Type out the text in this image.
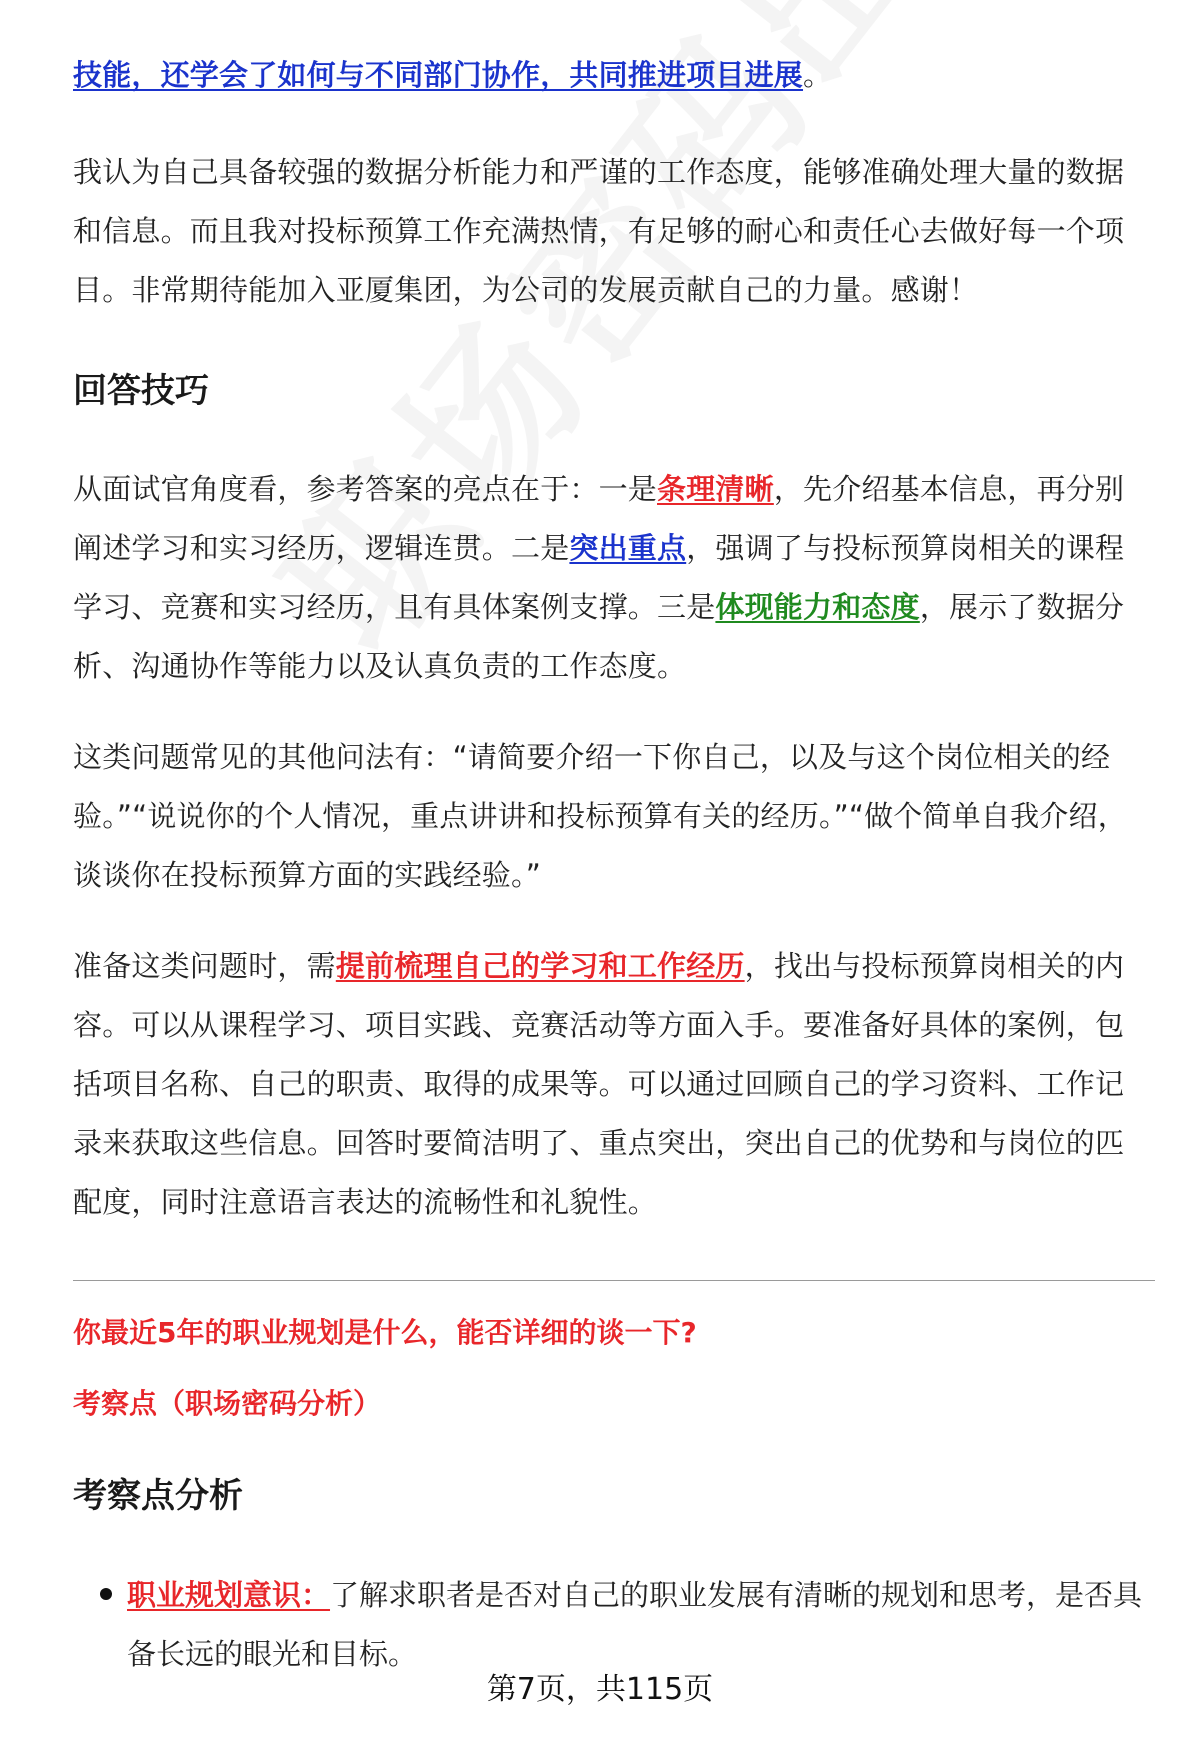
技能，还学会了如何与不同部门协作，共同推进项目进展。
我认为自己具备较强的数据分析能力和严谨的工作态度，能够准确处理大量的数据和信息。而且我对投标预算工作充满热情，有足够的耐心和责任心去做好每一个项目。非常期待能加入亚厦集团，为公司的发展贡献自己的力量。感谢！
回答技巧
从面试官角度看，参考答案的亮点在于：一是条理清晰，先介绍基本信息，再分别阐述学习和实习经历，逻辑连贯。二是突出重点，强调了与投标预算岗相关的课程学习、竞赛和实习经历，且有具体案例支撑。三是体现能力和态度，展示了数据分析、沟通协作等能力以及认真负责的工作态度。
这类问题常见的其他问法有：“请简要介绍一下你自己，以及与这个岗位相关的经验。”“说说你的个人情况，重点讲讲和投标预算有关的经历。”“做个简单自我介绍，谈谈你在投标预算方面的实践经验。”
准备这类问题时，需提前梳理自己的学习和工作经历，找出与投标预算岗相关的内容。可以从课程学习、项目实践、竞赛活动等方面入手。要准备好具体的案例，包括项目名称、自己的职责、取得的成果等。可以通过回顾自己的学习资料、工作记录来获取这些信息。回答时要简洁明了、重点突出，突出自己的优势和与岗位的匹配度，同时注意语言表达的流畅性和礼貌性。
你最近5年的职业规划是什么，能否详细的谈一下?
考察点（职场密码分析）
考察点分析
职业规划意识：了解求职者是否对自己的职业发展有清晰的规划和思考，是否具备长远的眼光和目标。
第7页，共115页
